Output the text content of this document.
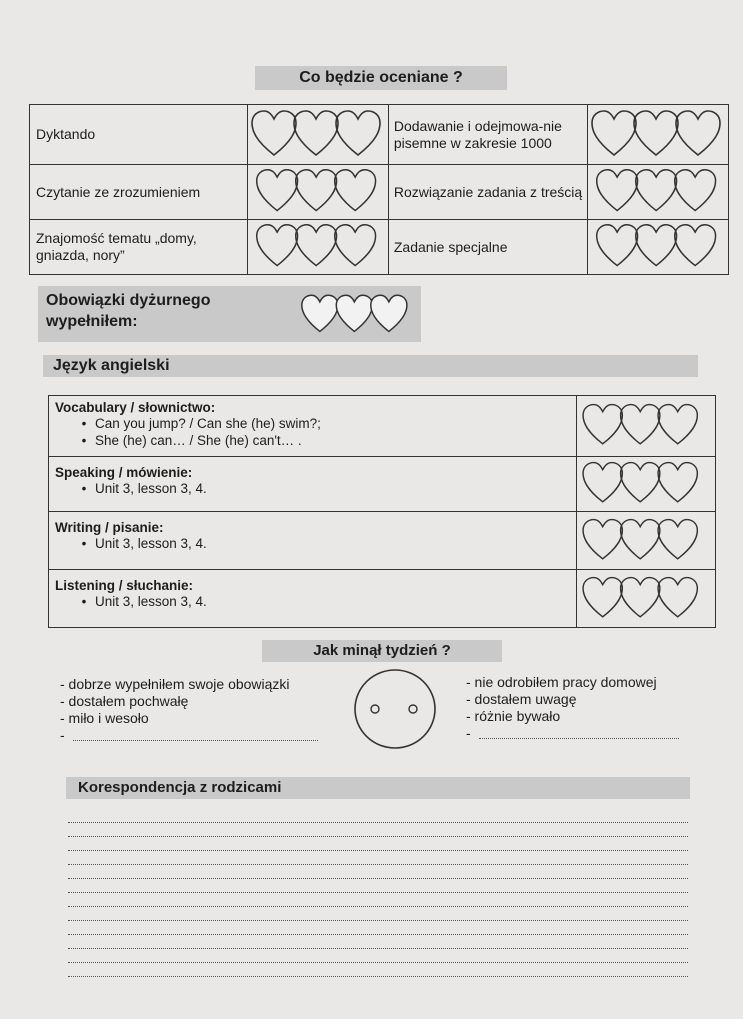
Co będzie oceniane ?
Dyktando		Dodawanie i odejmowa-nie pisemne w zakresie 1000	

Czytanie ze zrozumieniem		Rozwiązanie zadania z treścią	

Znajomość tematu „domy, gniazda, nory”		Zadanie specjalne	
Obowiązki dyżurnego
wypełniłem:
Język angielski
Vocabulary / słownictwo:
• Can you jump? / Can she (he) swim?;
• She (he) can… / She (he) can't… .

Speaking / mówienie:
• Unit 3, lesson 3, 4.

Writing / pisanie:
• Unit 3, lesson 3, 4.

Listening / słuchanie:
• Unit 3, lesson 3, 4.

Jak minął tydzień ?
- dobrze wypełniłem swoje obowiązki
- dostałem pochwałę
- miło i wesoło
-
- nie odrobiłem pracy domowej
- dostałem uwagę
- różnie bywało
-
Korespondencja z rodzicami
